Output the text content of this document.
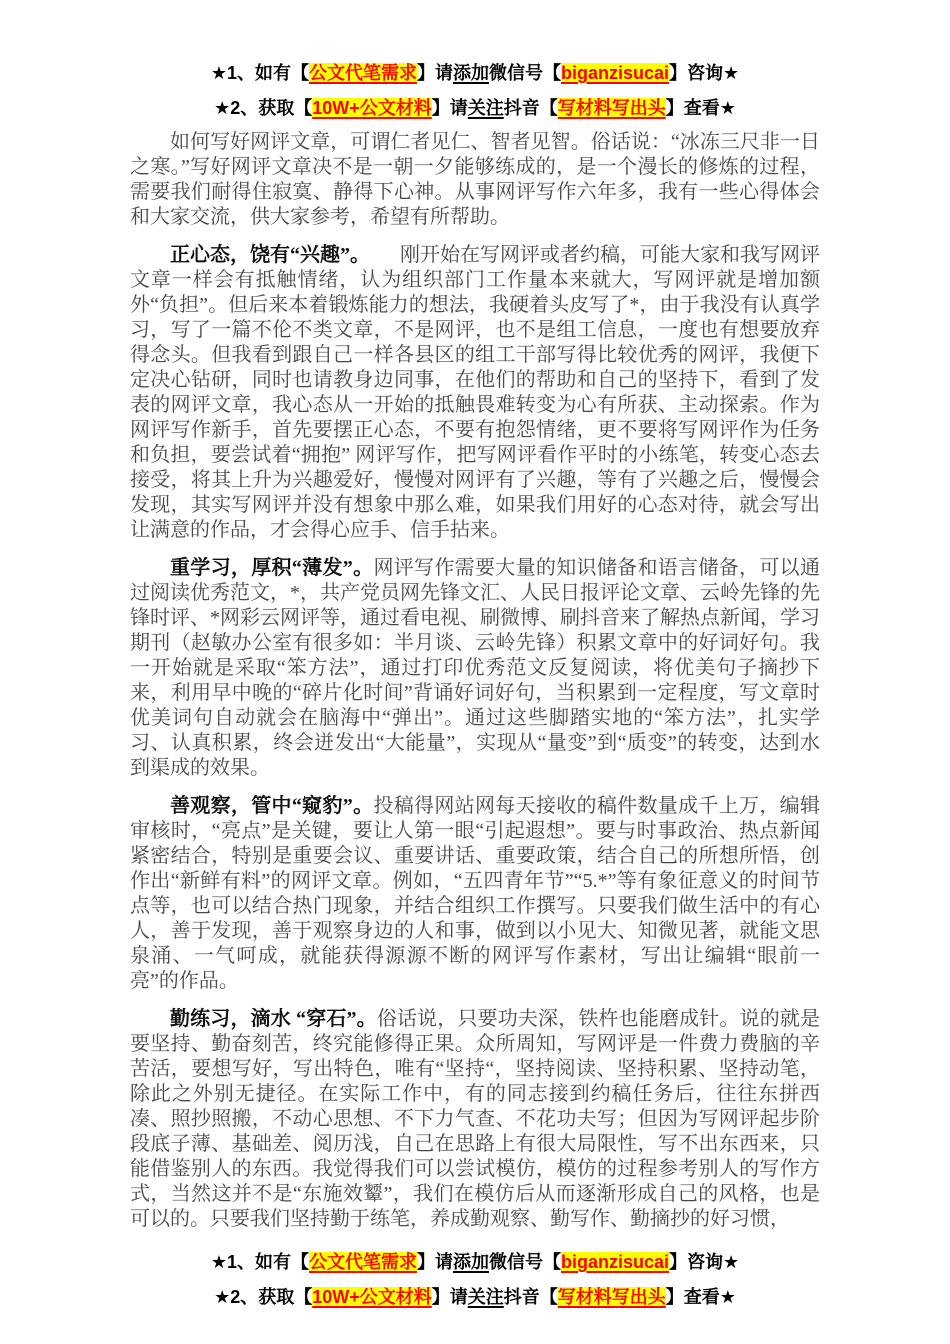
★1、如有【公文代笔需求】请添加微信号【biganzisucai】咨询★
★2、获取【10W+公文材料】请关注抖音【写材料写出头】查看★

如何写好网评文章，可谓仁者见仁、智者见智。俗话说：“冰冻三尺非一日之寒。”写好网评文章决不是一朝一夕能够练成的，是一个漫长的修炼的过程，需要我们耐得住寂寞、静得下心神。从事网评写作六年多，我有一些心得体会和大家交流，供大家参考，希望有所帮助。

正心态，饶有“兴趣”。　　刚开始在写网评或者约稿，可能大家和我写网评文章一样会有抵触情绪，认为组织部门工作量本来就大，写网评就是增加额外“负担”。但后来本着锻炼能力的想法，我硬着头皮写了*，由于我没有认真学习，写了一篇不伦不类文章，不是网评，也不是组工信息，一度也有想要放弃得念头。但我看到跟自己一样各县区的组工干部写得比较优秀的网评，我便下定决心钻研，同时也请教身边同事，在他们的帮助和自己的坚持下，看到了发表的网评文章，我心态从一开始的抵触畏难转变为心有所获、主动探索。作为网评写作新手，首先要摆正心态，不要有抱怨情绪，更不要将写网评作为任务和负担，要尝试着“拥抱” 网评写作，把写网评看作平时的小练笔，转变心态去接受，将其上升为兴趣爱好，慢慢对网评有了兴趣，等有了兴趣之后，慢慢会发现，其实写网评并没有想象中那么难，如果我们用好的心态对待，就会写出让满意的作品，才会得心应手、信手拈来。

重学习，厚积“薄发”。网评写作需要大量的知识储备和语言储备，可以通过阅读优秀范文，*，共产党员网先锋文汇、人民日报评论文章、云岭先锋的先锋时评、*网彩云网评等，通过看电视、刷微博、刷抖音来了解热点新闻，学习期刊（赵敏办公室有很多如：半月谈、云岭先锋）积累文章中的好词好句。我一开始就是采取“笨方法”，通过打印优秀范文反复阅读，将优美句子摘抄下来，利用早中晚的“碎片化时间”背诵好词好句，当积累到一定程度，写文章时优美词句自动就会在脑海中“弹出”。通过这些脚踏实地的“笨方法”，扎实学习、认真积累，终会迸发出“大能量”，实现从“量变”到“质变”的转变，达到水到渠成的效果。

善观察，管中“窥豹”。投稿得网站网每天接收的稿件数量成千上万，编辑审核时，“亮点”是关键，要让人第一眼“引起遐想”。要与时事政治、热点新闻紧密结合，特别是重要会议、重要讲话、重要政策，结合自己的所想所悟，创作出“新鲜有料”的网评文章。例如，“五四青年节”“5.*”等有象征意义的时间节点等，也可以结合热门现象，并结合组织工作撰写。只要我们做生活中的有心人，善于发现，善于观察身边的人和事，做到以小见大、知微见著，就能文思泉涌、一气呵成，就能获得源源不断的网评写作素材，写出让编辑“眼前一亮”的作品。

勤练习，滴水 “穿石”。俗话说，只要功夫深，铁杵也能磨成针。说的就是要坚持、勤奋刻苦，终究能修得正果。众所周知，写网评是一件费力费脑的辛苦活，要想写好，写出特色，唯有“坚持“，坚持阅读、坚持积累、坚持动笔，除此之外别无捷径。在实际工作中，有的同志接到约稿任务后，往往东拼西凑、照抄照搬，不动心思想、不下力气查、不花功夫写；但因为写网评起步阶段底子薄、基础差、阅历浅，自己在思路上有很大局限性，写不出东西来，只能借鉴别人的东西。我觉得我们可以尝试模仿，模仿的过程参考别人的写作方式，当然这并不是“东施效颦”，我们在模仿后从而逐渐形成自己的风格，也是可以的。只要我们坚持勤于练笔，养成勤观察、勤写作、勤摘抄的好习惯，

★1、如有【公文代笔需求】请添加微信号【biganzisucai】咨询★
★2、获取【10W+公文材料】请关注抖音【写材料写出头】查看★
